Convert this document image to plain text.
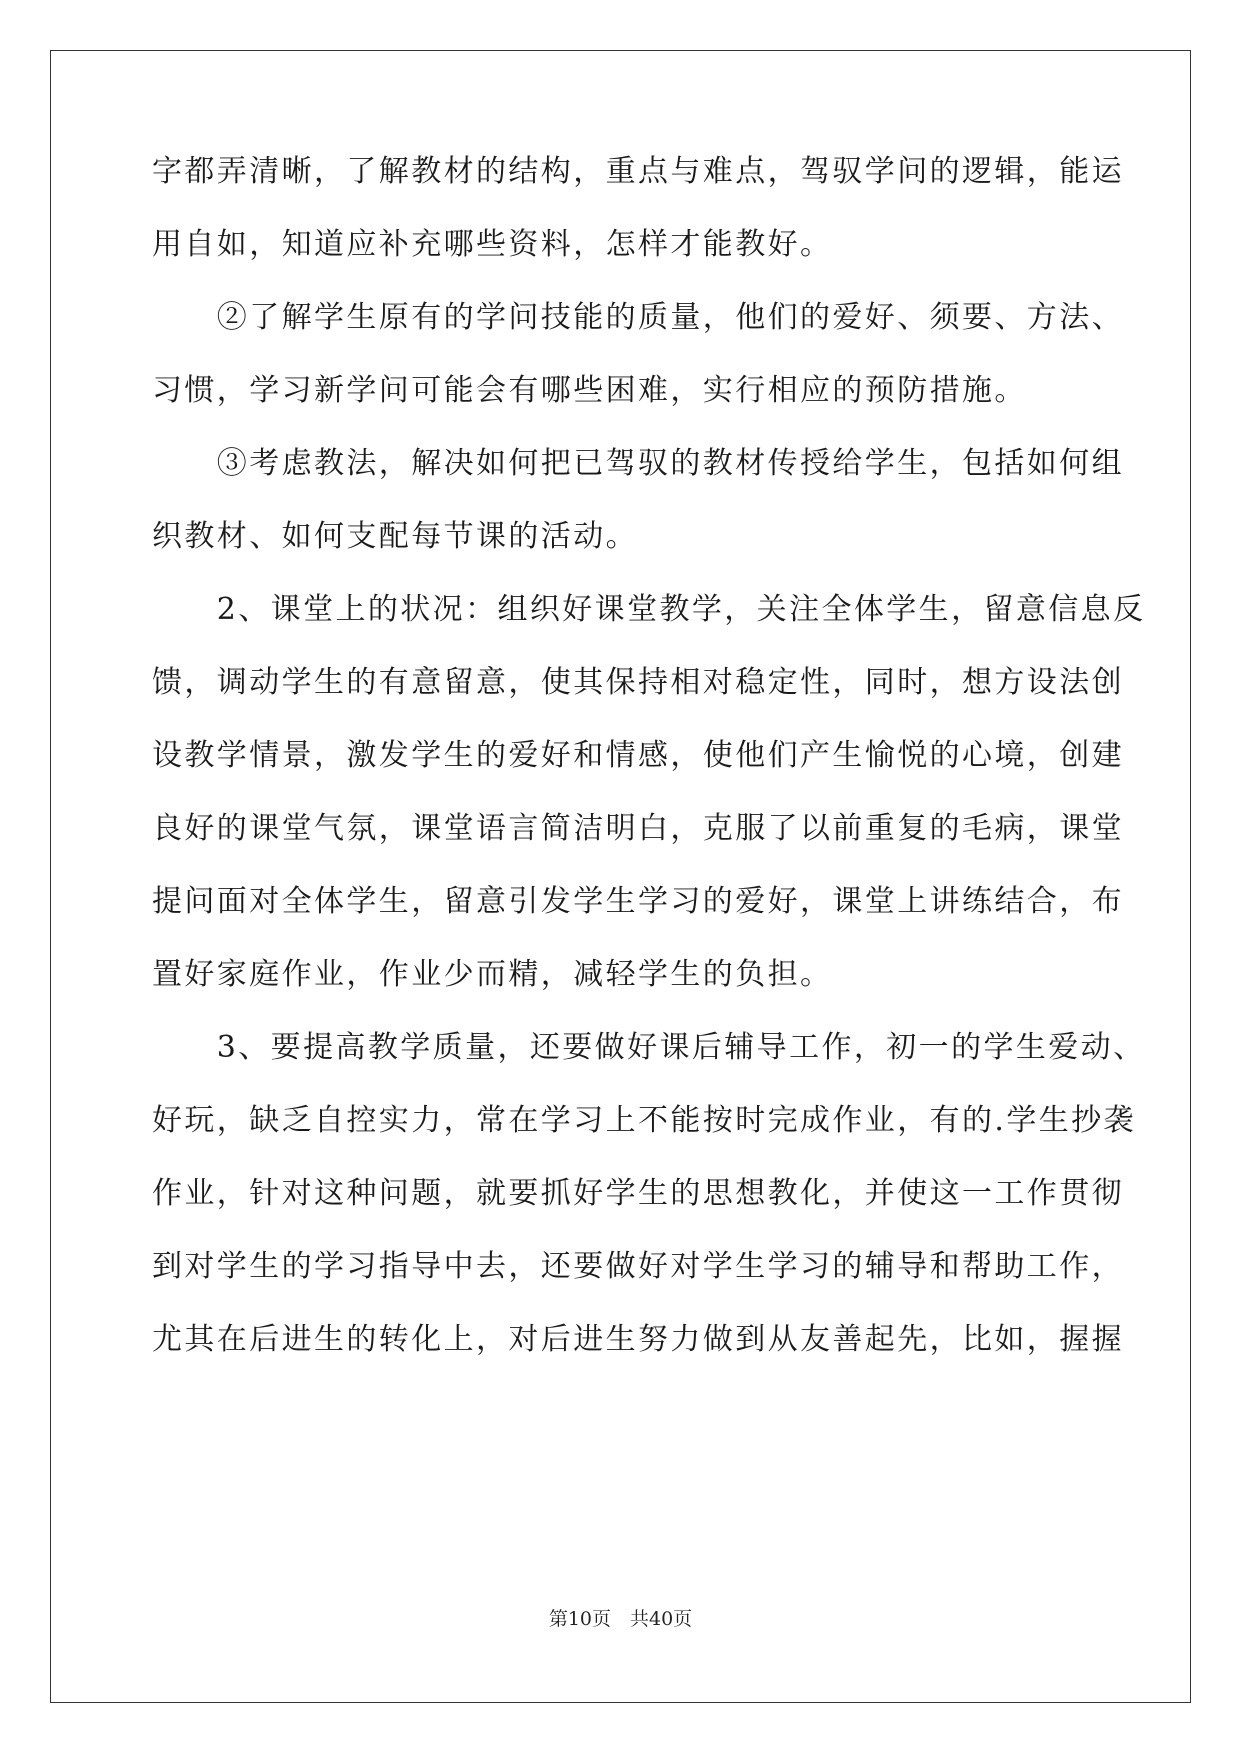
字都弄清晰，了解教材的结构，重点与难点，驾驭学问的逻辑，能运
用自如，知道应补充哪些资料，怎样才能教好。
　　②了解学生原有的学问技能的质量，他们的爱好、须要、方法、
习惯，学习新学问可能会有哪些困难，实行相应的预防措施。
　　③考虑教法，解决如何把已驾驭的教材传授给学生，包括如何组
织教材、如何支配每节课的活动。
　　2、课堂上的状况：组织好课堂教学，关注全体学生，留意信息反
馈，调动学生的有意留意，使其保持相对稳定性，同时，想方设法创
设教学情景，激发学生的爱好和情感，使他们产生愉悦的心境，创建
良好的课堂气氛，课堂语言简洁明白，克服了以前重复的毛病，课堂
提问面对全体学生，留意引发学生学习的爱好，课堂上讲练结合，布
置好家庭作业，作业少而精，减轻学生的负担。
　　3、要提高教学质量，还要做好课后辅导工作，初一的学生爱动、
好玩，缺乏自控实力，常在学习上不能按时完成作业，有的.学生抄袭
作业，针对这种问题，就要抓好学生的思想教化，并使这一工作贯彻
到对学生的学习指导中去，还要做好对学生学习的辅导和帮助工作，
尤其在后进生的转化上，对后进生努力做到从友善起先，比如，握握
第10页　共40页
